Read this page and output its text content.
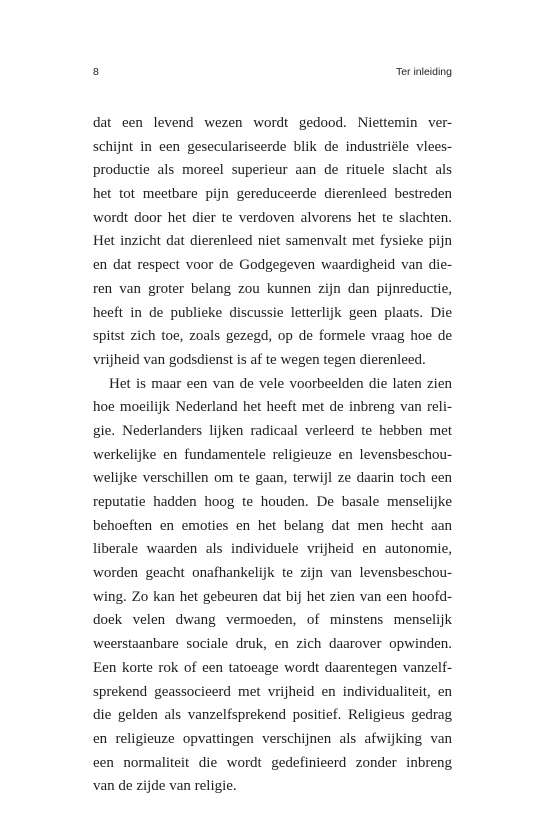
8	Ter inleiding
dat een levend wezen wordt gedood. Niettemin ver-
schijnt in een geseculariseerde blik de industriële vlees-
productie als moreel superieur aan de rituele slacht als
het tot meetbare pijn gereduceerde dierenleed bestreden
wordt door het dier te verdoven alvorens het te slachten.
Het inzicht dat dierenleed niet samenvalt met fysieke pijn
en dat respect voor de Godgegeven waardigheid van die-
ren van groter belang zou kunnen zijn dan pijnreductie,
heeft in de publieke discussie letterlijk geen plaats. Die
spitst zich toe, zoals gezegd, op de formele vraag hoe de
vrijheid van godsdienst is af te wegen tegen dierenleed.
Het is maar een van de vele voorbeelden die laten zien
hoe moeilijk Nederland het heeft met de inbreng van reli-
gie. Nederlanders lijken radicaal verleerd te hebben met
werkelijke en fundamentele religieuze en levensbeschou-
welijke verschillen om te gaan, terwijl ze daarin toch een
reputatie hadden hoog te houden. De basale menselijke
behoeften en emoties en het belang dat men hecht aan
liberale waarden als individuele vrijheid en autonomie,
worden geacht onafhankelijk te zijn van levensbeschou-
wing. Zo kan het gebeuren dat bij het zien van een hoofd-
doek velen dwang vermoeden, of minstens menselijk
weerstaanbare sociale druk, en zich daarover opwinden.
Een korte rok of een tatoeage wordt daarentegen vanzelf-
sprekend geassocieerd met vrijheid en individualiteit, en
die gelden als vanzelfsprekend positief. Religieus gedrag
en religieuze opvattingen verschijnen als afwijking van
een normaliteit die wordt gedefinieerd zonder inbreng
van de zijde van religie.
